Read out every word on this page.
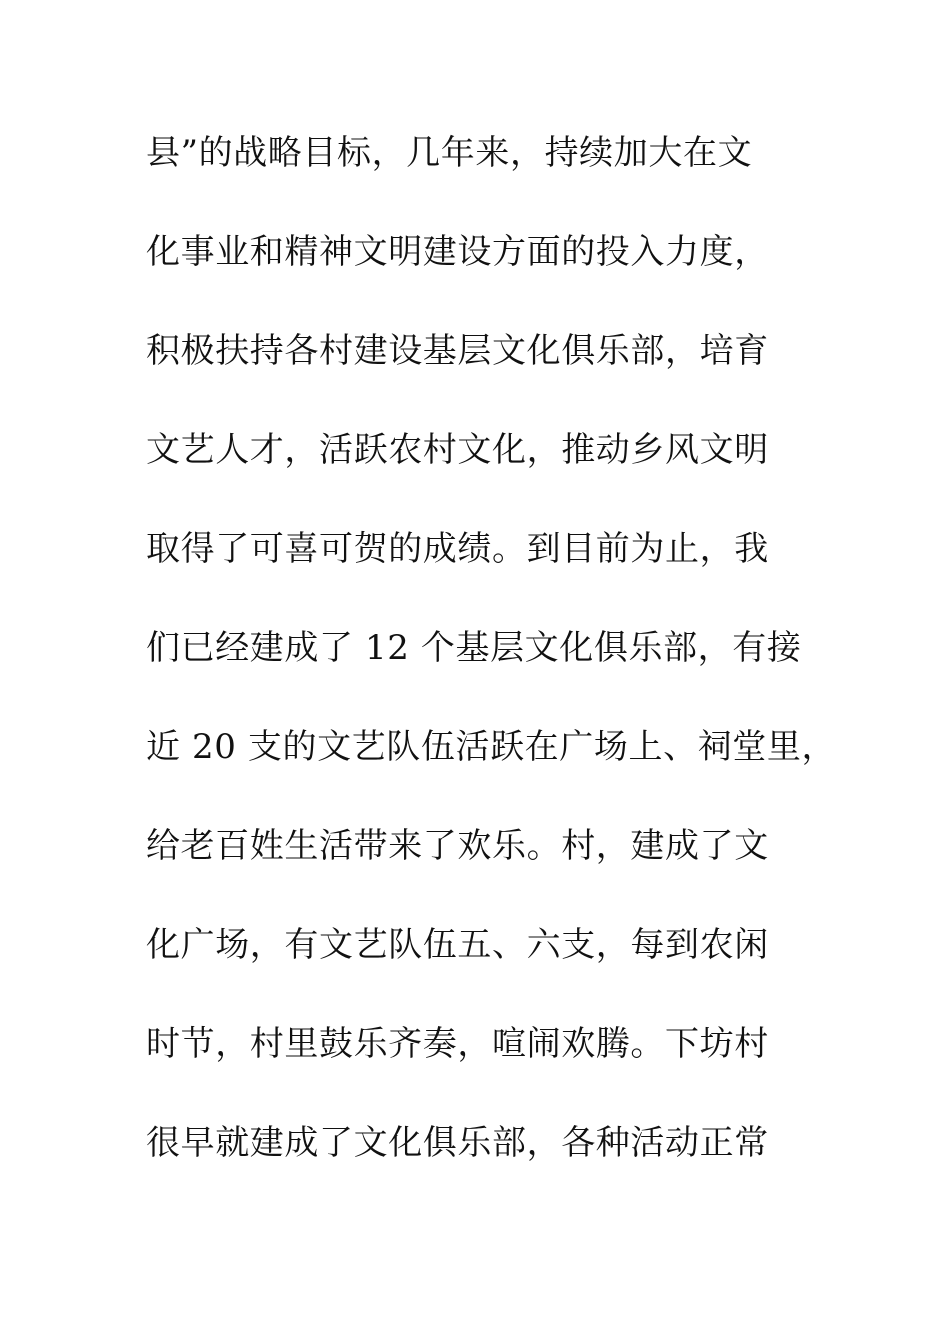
县”的战略目标，几年来，持续加大在文
化事业和精神文明建设方面的投入力度，
积极扶持各村建设基层文化俱乐部，培育
文艺人才，活跃农村文化，推动乡风文明
取得了可喜可贺的成绩。到目前为止，我
们已经建成了 12 个基层文化俱乐部，有接
近 20 支的文艺队伍活跃在广场上、祠堂里，
给老百姓生活带来了欢乐。村，建成了文
化广场，有文艺队伍五、六支，每到农闲
时节，村里鼓乐齐奏，喧闹欢腾。下坊村
很早就建成了文化俱乐部，各种活动正常
